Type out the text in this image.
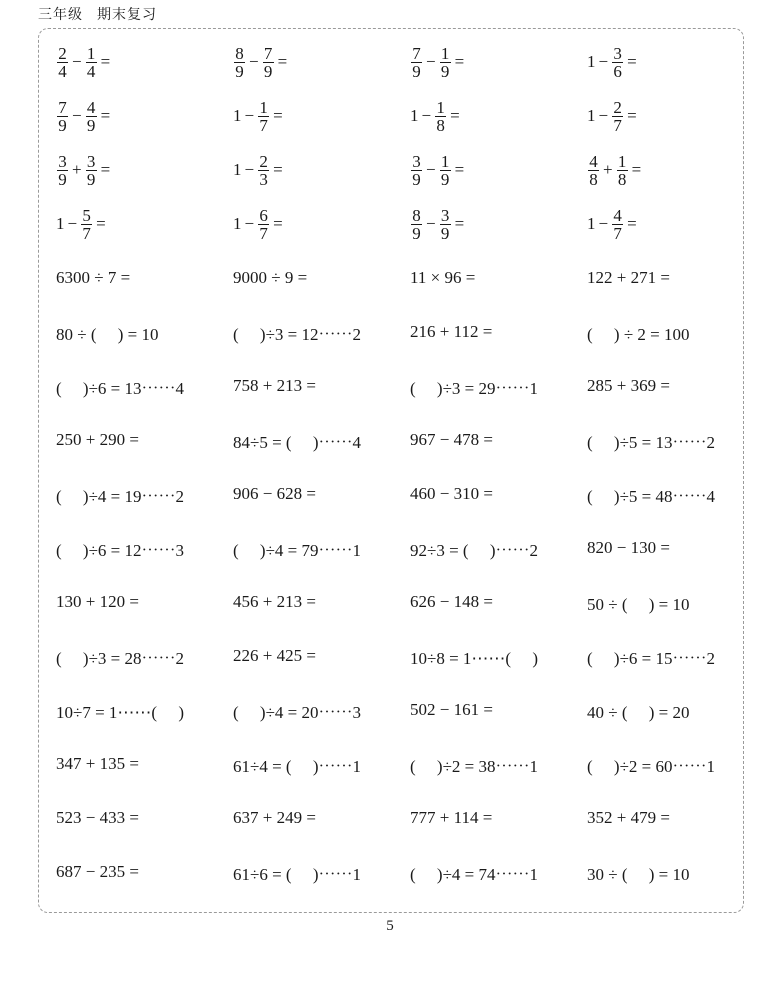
三年级 期末复习
$\frac{2}{4} - \frac{1}{4}$ =	$\frac{8}{9} - \frac{7}{9}$ =	$\frac{7}{9} - \frac{1}{9}$ =	$1 - \frac{3}{6}$ =
$\frac{7}{9} - \frac{4}{9}$ =	$1 - \frac{1}{7}$ =	$1 - \frac{1}{8}$ =	$1 - \frac{2}{7}$ =
$\frac{3}{9} + \frac{3}{9}$ =	$1 - \frac{2}{3}$ =	$\frac{3}{9} - \frac{1}{9}$ =	$\frac{4}{8} + \frac{1}{8}$ =
$1 - \frac{5}{7}$ =	$1 - \frac{6}{7}$ =	$\frac{8}{9} - \frac{3}{9}$ =	$1 - \frac{4}{7}$ =
6300 ÷ 7 =	9000 ÷ 9 =	11 × 96 =	122 + 271 =
80 ÷ (　 ) = 10	(　 )÷3 = 12⋯⋯2	216 + 112 =	(　 ) ÷ 2 = 100
(　 )÷6 = 13⋯⋯4	758 + 213 =	(　 )÷3 = 29⋯⋯1	285 + 369 =
250 + 290 =	84÷5 = (　 )⋯⋯4	967 − 478 =	(　 )÷5 = 13⋯⋯2
(　 )÷4 = 19⋯⋯2	906 − 628 =	460 − 310 =	(　 )÷5 = 48⋯⋯4
(　 )÷6 = 12⋯⋯3	(　 )÷4 = 79⋯⋯1	92÷3 = (　 )⋯⋯2	820 − 130 =
130 + 120 =	456 + 213 =	626 − 148 =	50 ÷ (　 ) = 10
(　 )÷3 = 28⋯⋯2	226 + 425 =	10÷8 = 1⋯⋯(　 )	(　 )÷6 = 15⋯⋯2
10÷7 = 1⋯⋯(　 )	(　 )÷4 = 20⋯⋯3	502 − 161 =	40 ÷ (　 ) = 20
347 + 135 =	61÷4 = (　 )⋯⋯1	(　 )÷2 = 38⋯⋯1	(　 )÷2 = 60⋯⋯1
523 − 433 =	637 + 249 =	777 + 114 =	352 + 479 =
687 − 235 =	61÷6 = (　 )⋯⋯1	(　 )÷4 = 74⋯⋯1	30 ÷ (　 ) = 10
5
